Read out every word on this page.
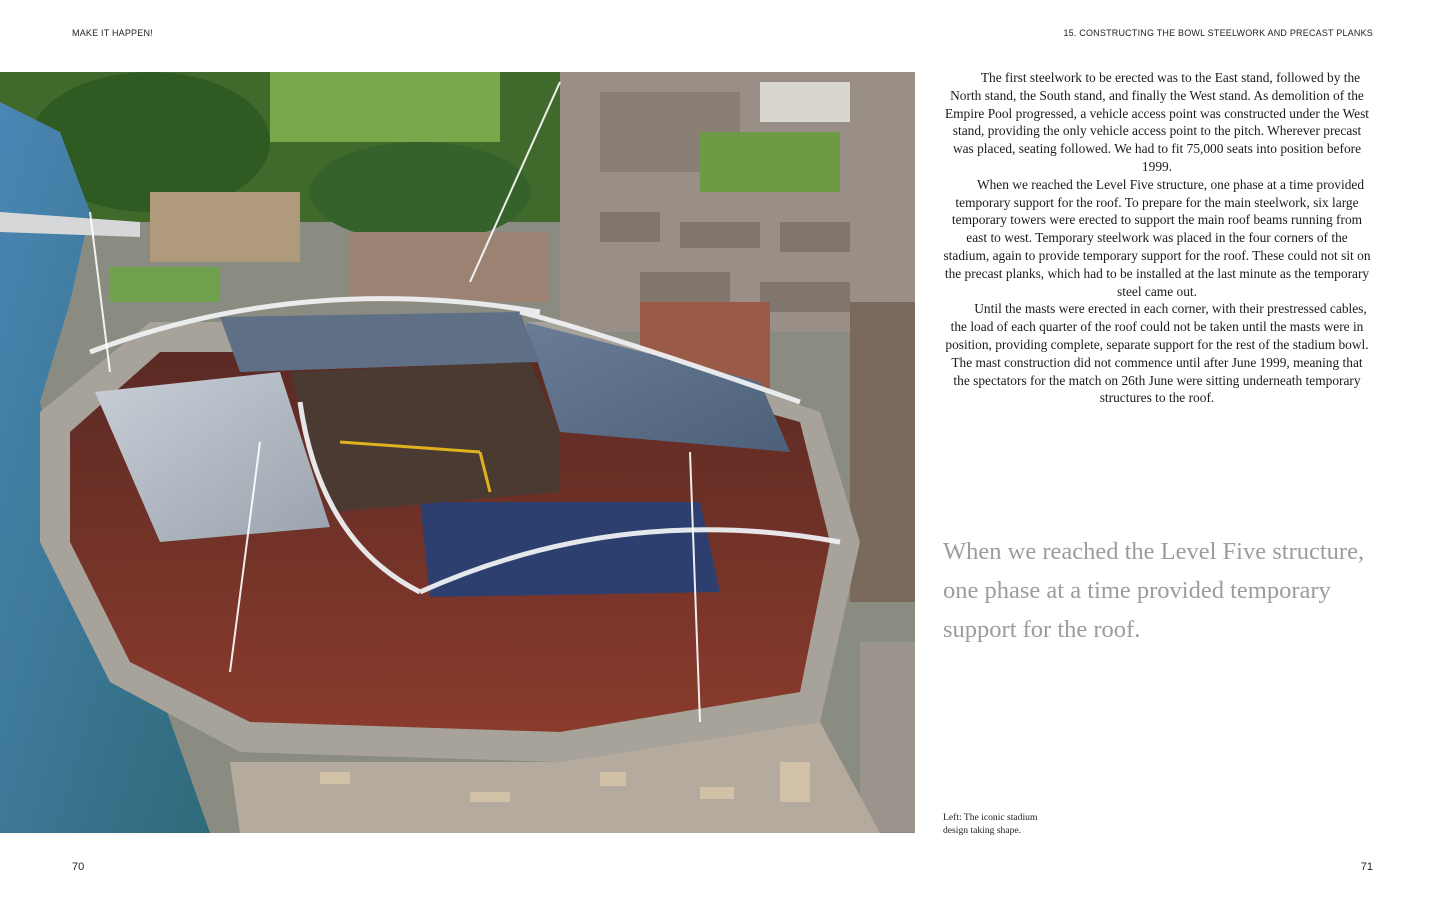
MAKE IT HAPPEN!	15. CONSTRUCTING THE BOWL STEELWORK AND PRECAST PLANKS

The first steelwork to be erected was to the East stand, followed by the North stand, the South stand, and finally the West stand. As demolition of the Empire Pool progressed, a vehicle access point was constructed under the West stand, providing the only vehicle access point to the pitch. Wherever precast was placed, seating followed. We had to fit 75,000 seats into position before 1999.

When we reached the Level Five structure, one phase at a time provided temporary support for the roof. To prepare for the main steelwork, six large temporary towers were erected to support the main roof beams running from east to west. Temporary steelwork was placed in the four corners of the stadium, again to provide temporary support for the roof. These could not sit on the precast planks, which had to be installed at the last minute as the temporary steel came out.

Until the masts were erected in each corner, with their prestressed cables, the load of each quarter of the roof could not be taken until the masts were in position, providing complete, separate support for the rest of the stadium bowl. The mast construction did not commence until after June 1999, meaning that the spectators for the match on 26th June were sitting underneath temporary structures to the roof.

When we reached the Level Five structure, one phase at a time provided temporary support for the roof.
Left: The iconic stadium
design taking shape.
70	71
